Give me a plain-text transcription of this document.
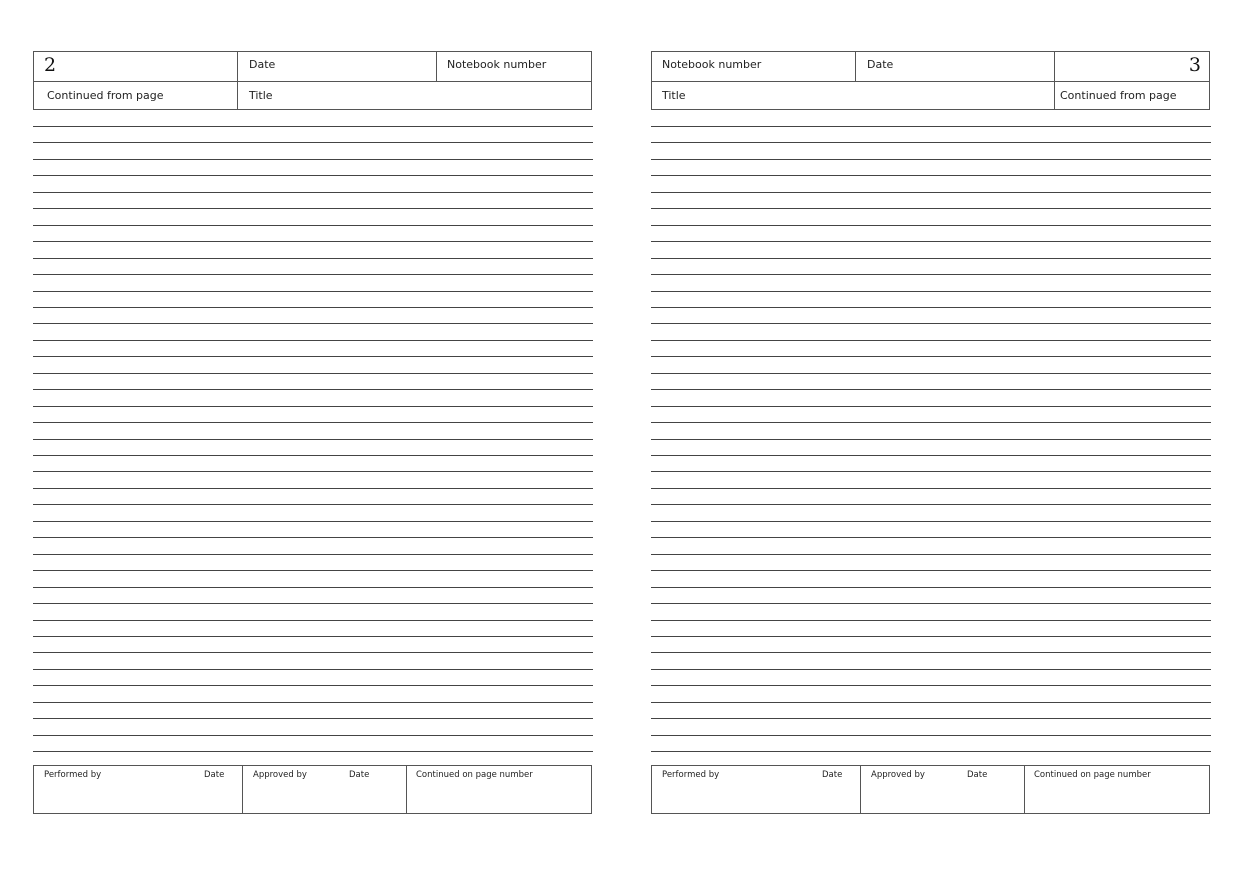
2	Date	Notebook number
Continued from page	Title
Performed by	Date	Approved by	Date	Continued on page number
Notebook number	Date	3
Title	Continued from page
Performed by	Date	Approved by	Date	Continued on page number
